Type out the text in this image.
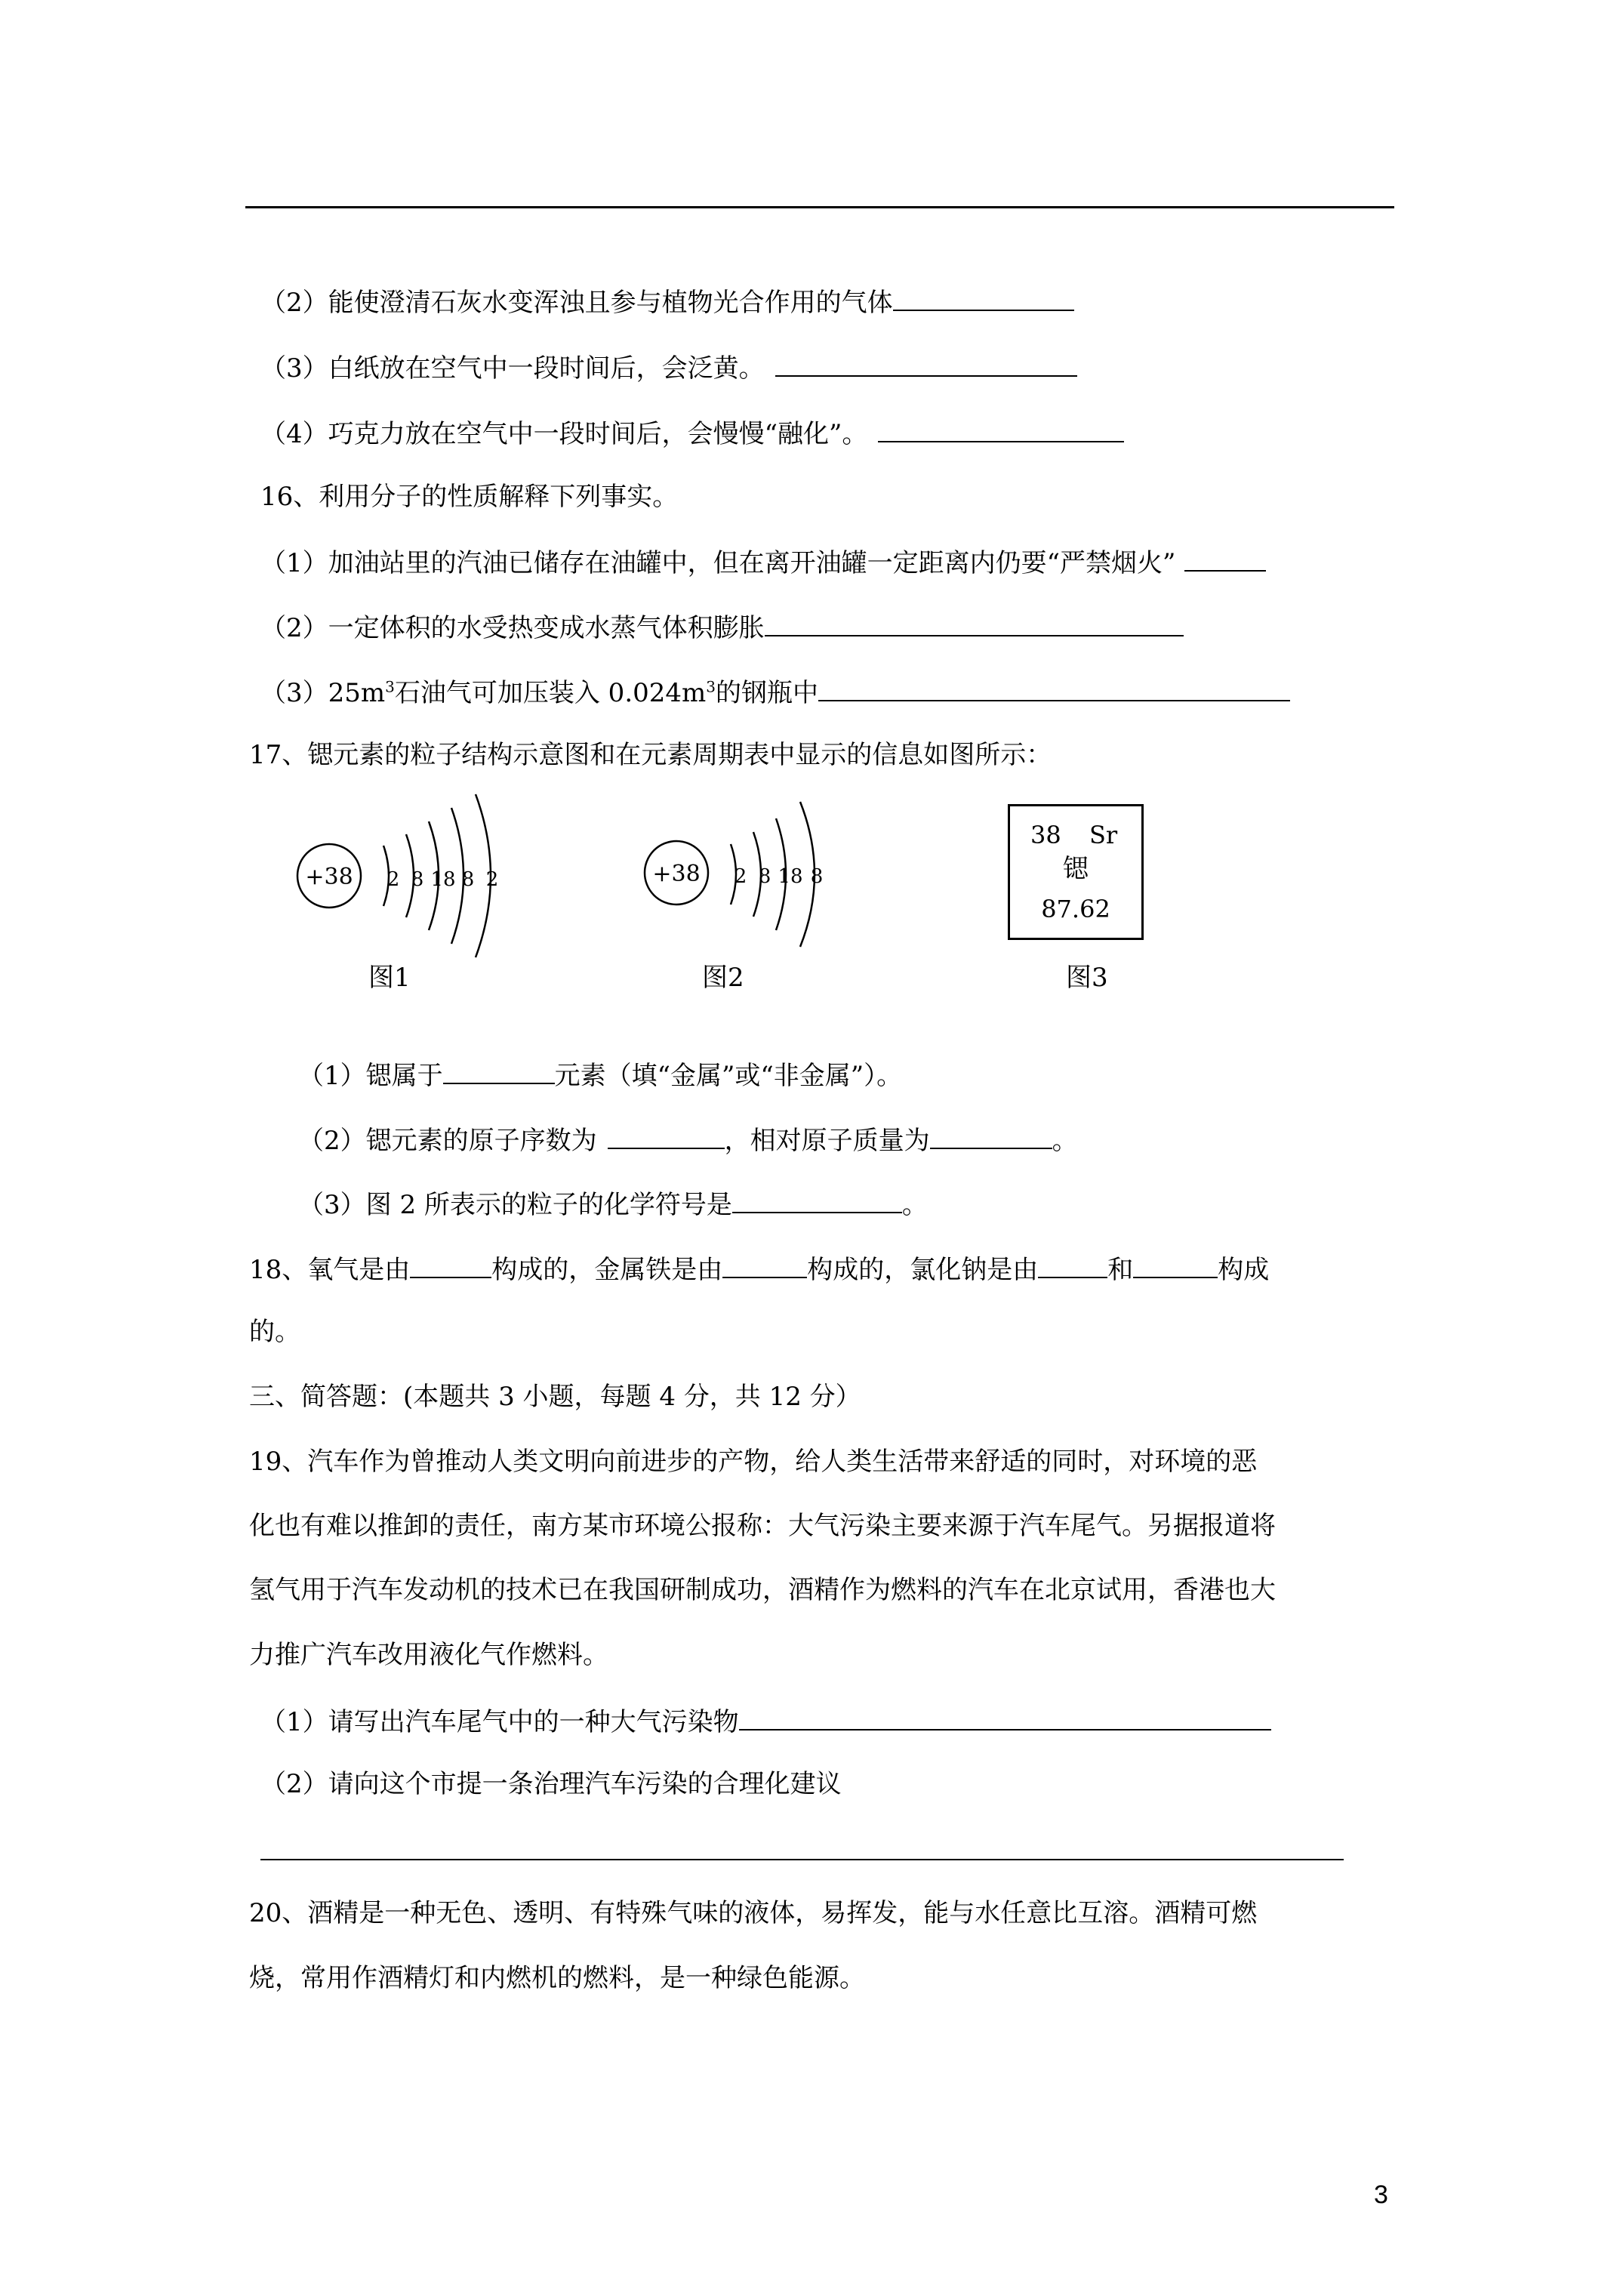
（2）能使澄清石灰水变浑浊且参与植物光合作用的气体
（3）白纸放在空气中一段时间后，会泛黄。
（4）巧克力放在空气中一段时间后，会慢慢“融化”。
16、利用分子的性质解释下列事实。
（1）加油站里的汽油已储存在油罐中，但在离开油罐一定距离内仍要“严禁烟火”
（2）一定体积的水受热变成水蒸气体积膨胀
$(3)25m^3$石油气可加压装入 $0.024m^3$的钢瓶中
17、锶元素的粒子结构示意图和在元素周期表中显示的信息如图所示：
+38 2 8 18 8 2
图1
+38 2 8 18 8
图2
38 Sr
锶
87.62
图3
（1）锶属于	元素（填“金属”或“非金属”）。
（2）锶元素的原子序数为	，相对原子质量为	。
（3）图 2 所表示的粒子的化学符号是	。
18、氧气是由	构成的，金属铁是由	构成的，氯化钠是由	和	构成
的。
三、简答题：(本题共 3 小题，每题 4 分，共 12 分）
19、汽车作为曾推动人类文明向前进步的产物，给人类生活带来舒适的同时，对环境的恶
化也有难以推卸的责任，南方某市环境公报称：大气污染主要来源于汽车尾气。另据报道将
氢气用于汽车发动机的技术已在我国研制成功，酒精作为燃料的汽车在北京试用，香港也大
力推广汽车改用液化气作燃料。
（1）请写出汽车尾气中的一种大气污染物
（2）请向这个市提一条治理汽车污染的合理化建议
20、酒精是一种无色、透明、有特殊气味的液体，易挥发，能与水任意比互溶。酒精可燃
烧，常用作酒精灯和内燃机的燃料，是一种绿色能源。
3
